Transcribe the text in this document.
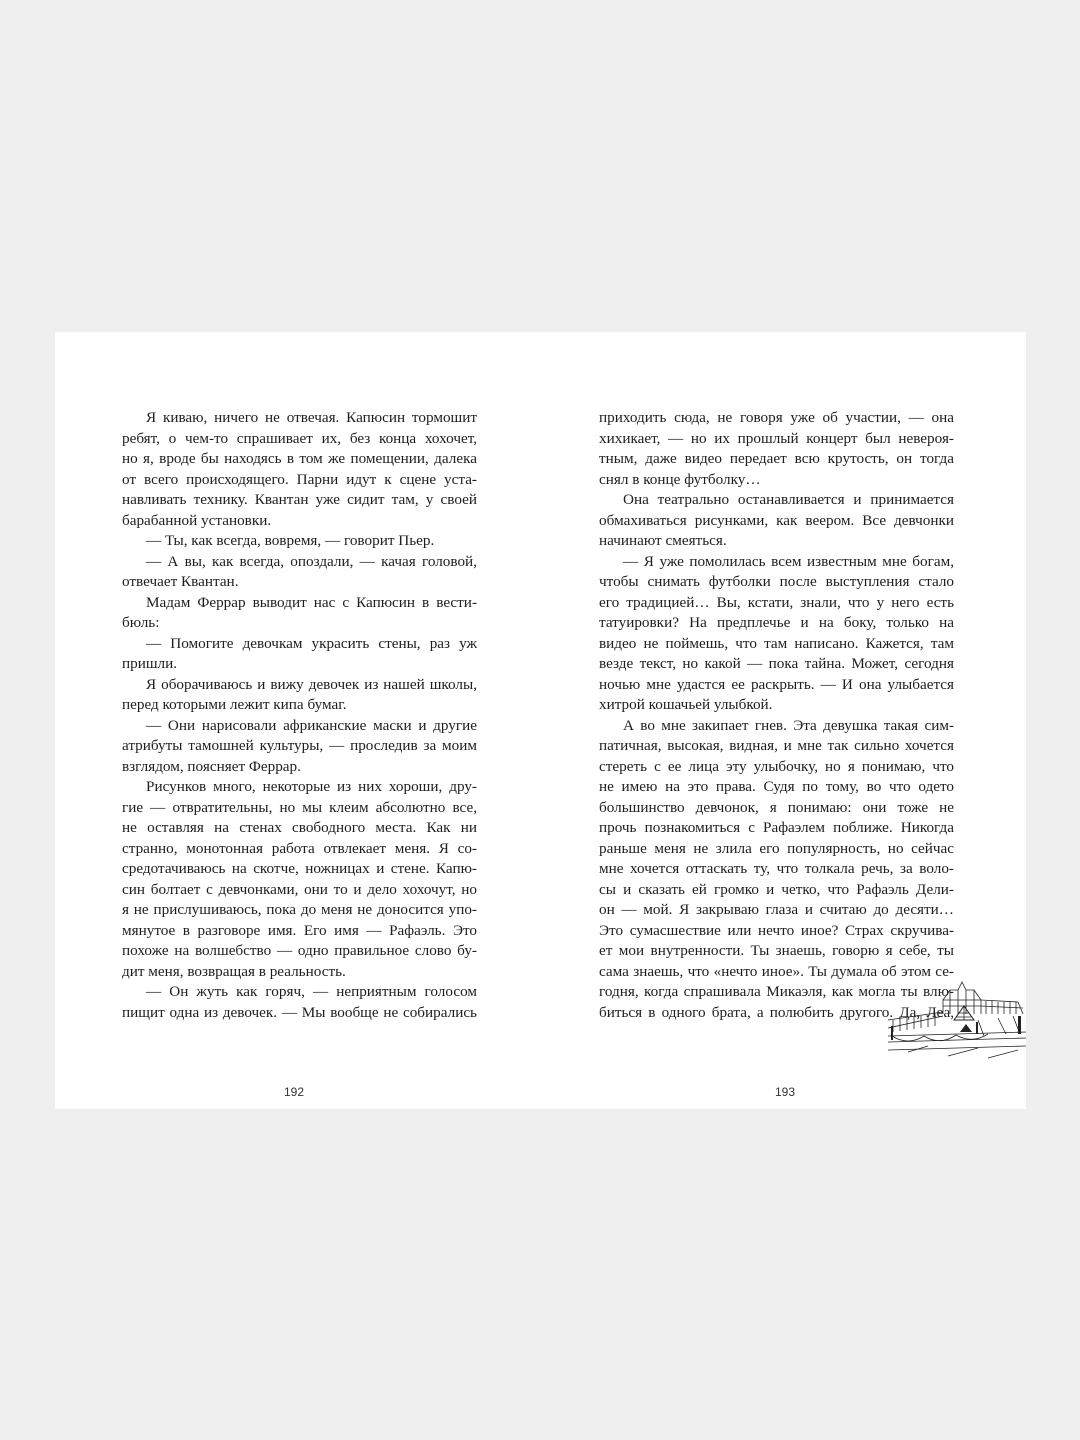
Я киваю, ничего не отвечая. Капюсин тормошит
ребят, о чем-то спрашивает их, без конца хохочет,
но я, вроде бы находясь в том же помещении, далека
от всего происходящего. Парни идут к сцене уста-
навливать технику. Квантан уже сидит там, у своей
барабанной установки.
— Ты, как всегда, вовремя, — говорит Пьер.
— А вы, как всегда, опоздали, — качая головой,
отвечает Квантан.
Мадам Феррар выводит нас с Капюсин в вести-
бюль:
— Помогите девочкам украсить стены, раз уж
пришли.
Я оборачиваюсь и вижу девочек из нашей школы,
перед которыми лежит кипа бумаг.
— Они нарисовали африканские маски и другие
атрибуты тамошней культуры, — проследив за моим
взглядом, поясняет Феррар.
Рисунков много, некоторые из них хороши, дру-
гие — отвратительны, но мы клеим абсолютно все,
не оставляя на стенах свободного места. Как ни
странно, монотонная работа отвлекает меня. Я со-
средотачиваюсь на скотче, ножницах и стене. Капю-
син болтает с девчонками, они то и дело хохочут, но
я не прислушиваюсь, пока до меня не доносится упо-
мянутое в разговоре имя. Его имя — Рафаэль. Это
похоже на волшебство — одно правильное слово бу-
дит меня, возвращая в реальность.
— Он жуть как горяч, — неприятным голосом
пищит одна из девочек. — Мы вообще не собирались
приходить сюда, не говоря уже об участии, — она
хихикает, — но их прошлый концерт был невероя-
тным, даже видео передает всю крутость, он тогда
снял в конце футболку…
Она театрально останавливается и принимается
обмахиваться рисунками, как веером. Все девчонки
начинают смеяться.
— Я уже помолилась всем известным мне богам,
чтобы снимать футболки после выступления стало
его традицией… Вы, кстати, знали, что у него есть
татуировки? На предплечье и на боку, только на
видео не поймешь, что там написано. Кажется, там
везде текст, но какой — пока тайна. Может, сегодня
ночью мне удастся ее раскрыть. — И она улыбается
хитрой кошачьей улыбкой.
А во мне закипает гнев. Эта девушка такая сим-
патичная, высокая, видная, и мне так сильно хочется
стереть с ее лица эту улыбочку, но я понимаю, что
не имею на это права. Судя по тому, во что одето
большинство девчонок, я понимаю: они тоже не
прочь познакомиться с Рафаэлем поближе. Никогда
раньше меня не злила его популярность, но сейчас
мне хочется оттаскать ту, что толкала речь, за воло-
сы и сказать ей громко и четко, что Рафаэль Дели-
он — мой. Я закрываю глаза и считаю до десяти…
Это сумасшествие или нечто иное? Страх скручива-
ет мои внутренности. Ты знаешь, говорю я себе, ты
сама знаешь, что «нечто иное». Ты думала об этом се-
годня, когда спрашивала Микаэля, как могла ты влю-
биться в одного брата, а полюбить другого. Да, Леа,
192	193
